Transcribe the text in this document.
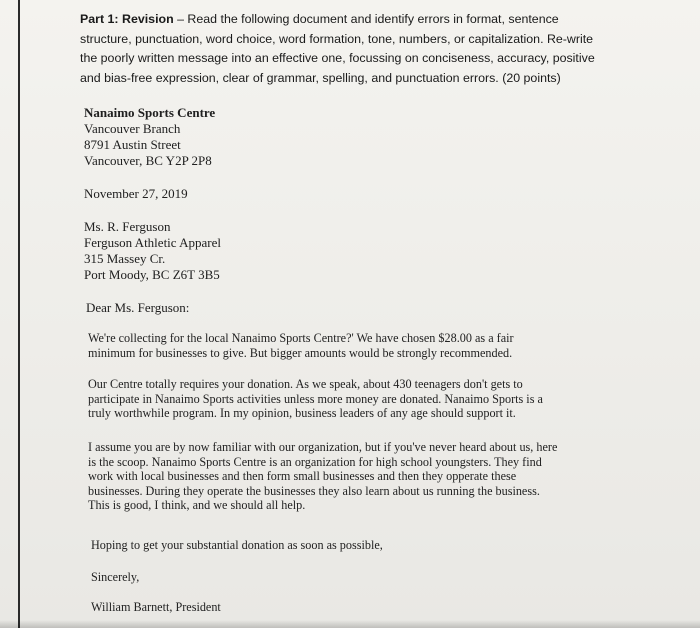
Part 1: Revision – Read the following document and identify errors in format, sentence
structure, punctuation, word choice, word formation, tone, numbers, or capitalization. Re-write
the poorly written message into an effective one, focussing on conciseness, accuracy, positive
and bias-free expression, clear of grammar, spelling, and punctuation errors. (20 points)

Nanaimo Sports Centre
Vancouver Branch
8791 Austin Street
Vancouver, BC Y2P 2P8
November 27, 2019
Ms. R. Ferguson
Ferguson Athletic Apparel
315 Massey Cr.
Port Moody, BC Z6T 3B5
Dear Ms. Ferguson:
We're collecting for the local Nanaimo Sports Centre?' We have chosen $28.00 as a fair
minimum for businesses to give. But bigger amounts would be strongly recommended.
Our Centre totally requires your donation. As we speak, about 430 teenagers don't gets to
participate in Nanaimo Sports activities unless more money are donated. Nanaimo Sports is a
truly worthwhile program. In my opinion, business leaders of any age should support it.
I assume you are by now familiar with our organization, but if you've never heard about us, here
is the scoop. Nanaimo Sports Centre is an organization for high school youngsters. They find
work with local businesses and then form small businesses and then they opperate these
businesses. During they operate the businesses they also learn about us running the business.
This is good, I think, and we should all help.
Hoping to get your substantial donation as soon as possible,
Sincerely,
William Barnett, President
